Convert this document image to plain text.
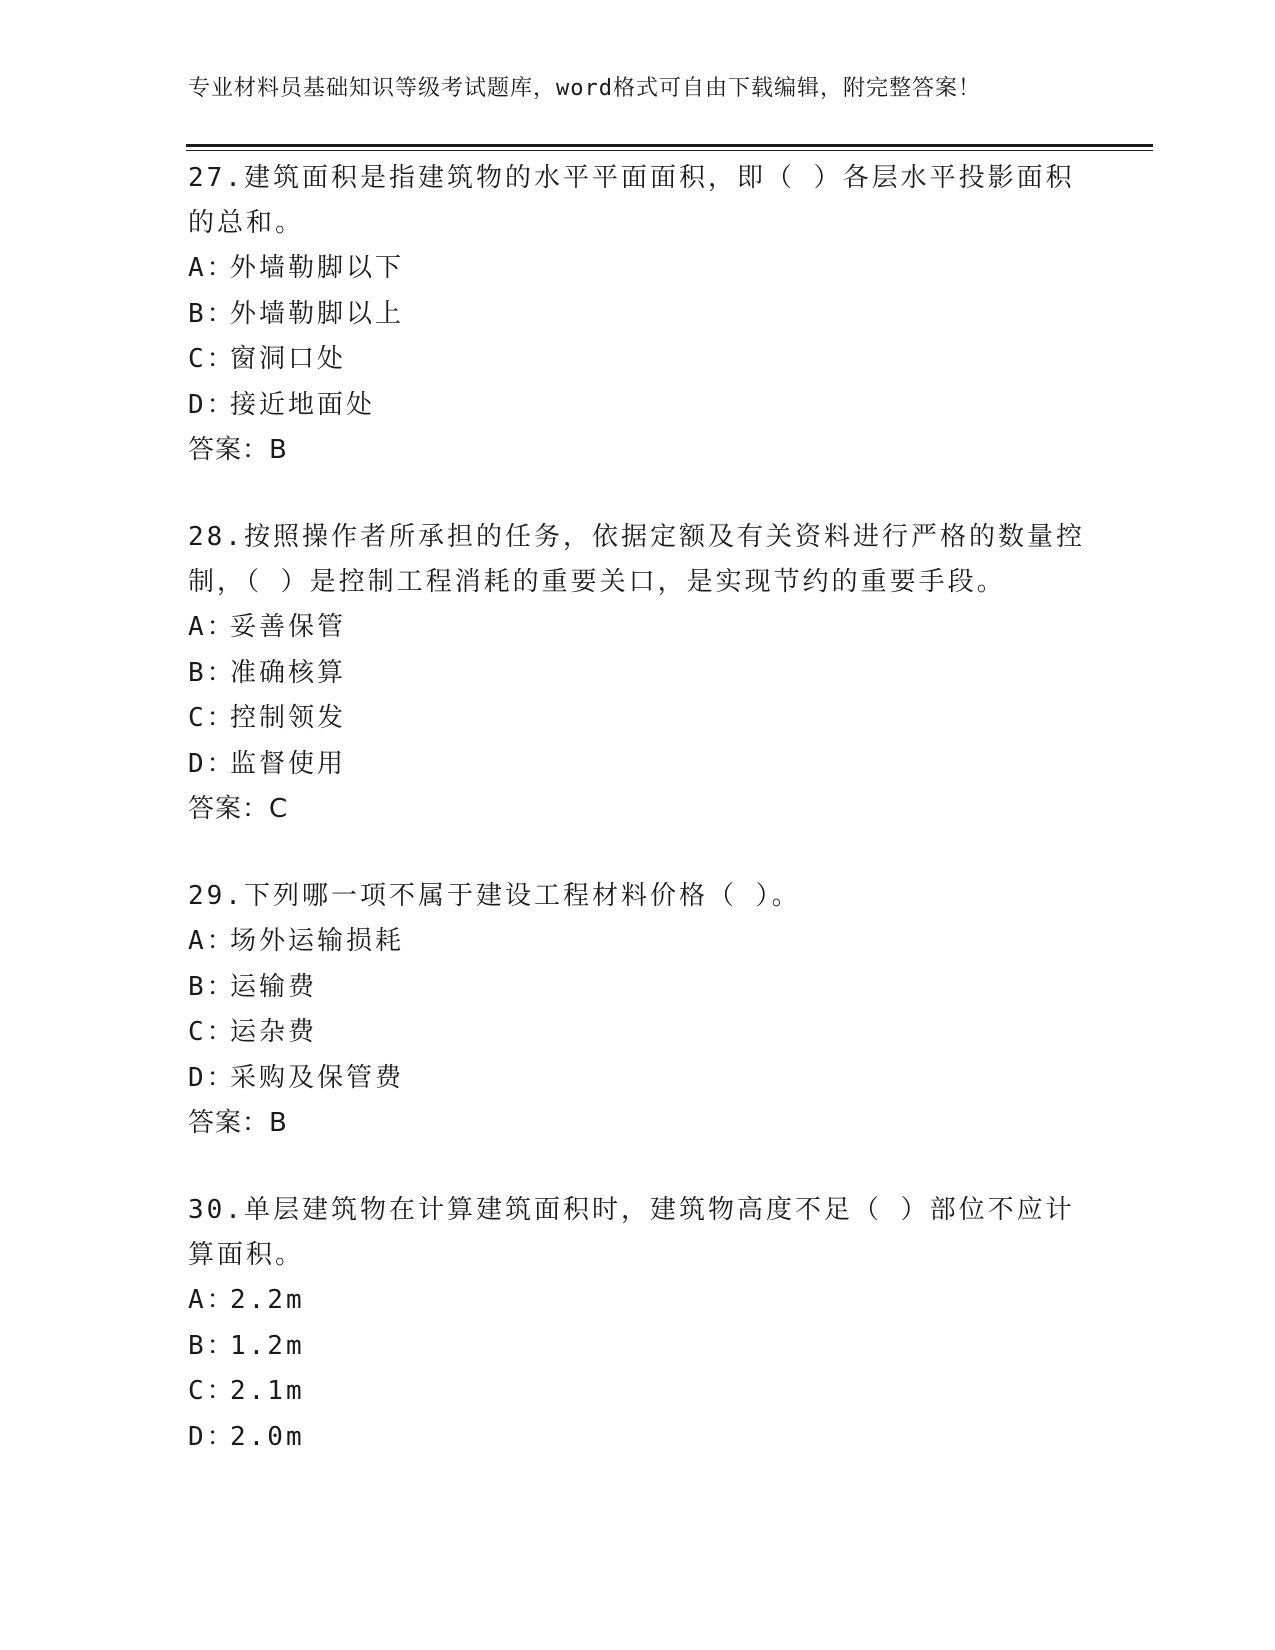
专业材料员基础知识等级考试题库，word格式可自由下载编辑，附完整答案！

27.建筑面积是指建筑物的水平平面面积，即（ ）各层水平投影面积的总和。

A：
外墙勒脚以下
B：
外墙勒脚以上
C：
窗洞口处
D：
接近地面处
答案：B

28.按照操作者所承担的任务，依据定额及有关资料进行严格的数量控制，（ ）是控制工程消耗的重要关口，是实现节约的重要手段。

A：
妥善保管
B：
准确核算
C：
控制领发
D：
监督使用
答案：C

29.下列哪一项不属于建设工程材料价格（ ）。

A：
场外运输损耗
B：
运输费
C：
运杂费
D：
采购及保管费
答案：B

30.单层建筑物在计算建筑面积时，建筑物高度不足（ ）部位不应计算面积。

A：
2.2m
B：
1.2m
C：
2.1m
D：
2.0m
